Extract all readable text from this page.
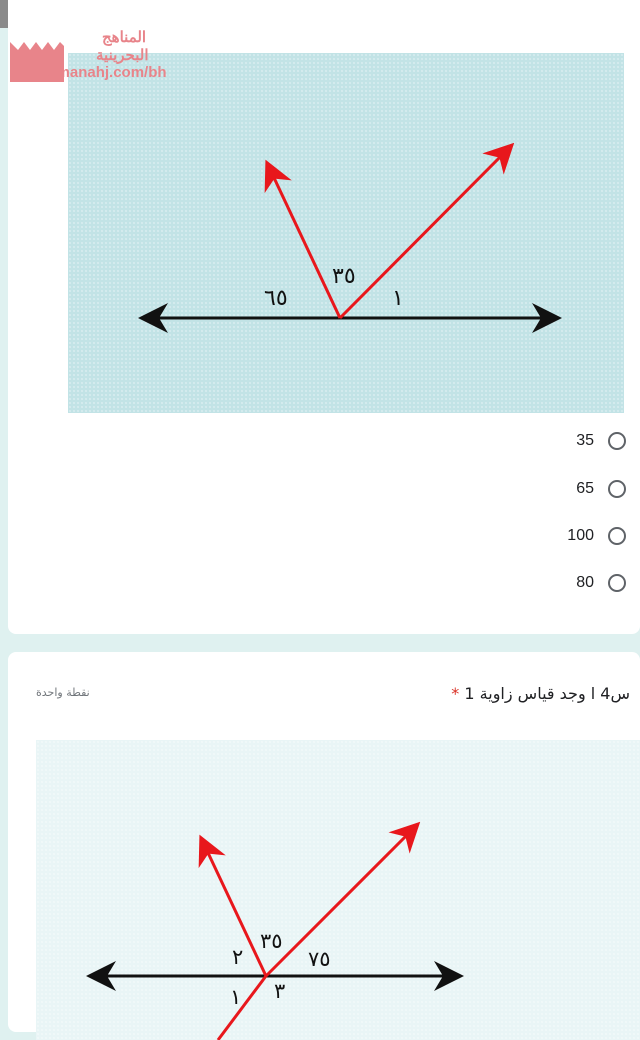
٦٥
٣٥
١
35
65
100
80
المناهج
البحرينية
almanahj.com/bh
س4 ا وجد قياس زاوية 1 *
نقطة واحدة
٣٥
٢	٧٥
١ ٣
